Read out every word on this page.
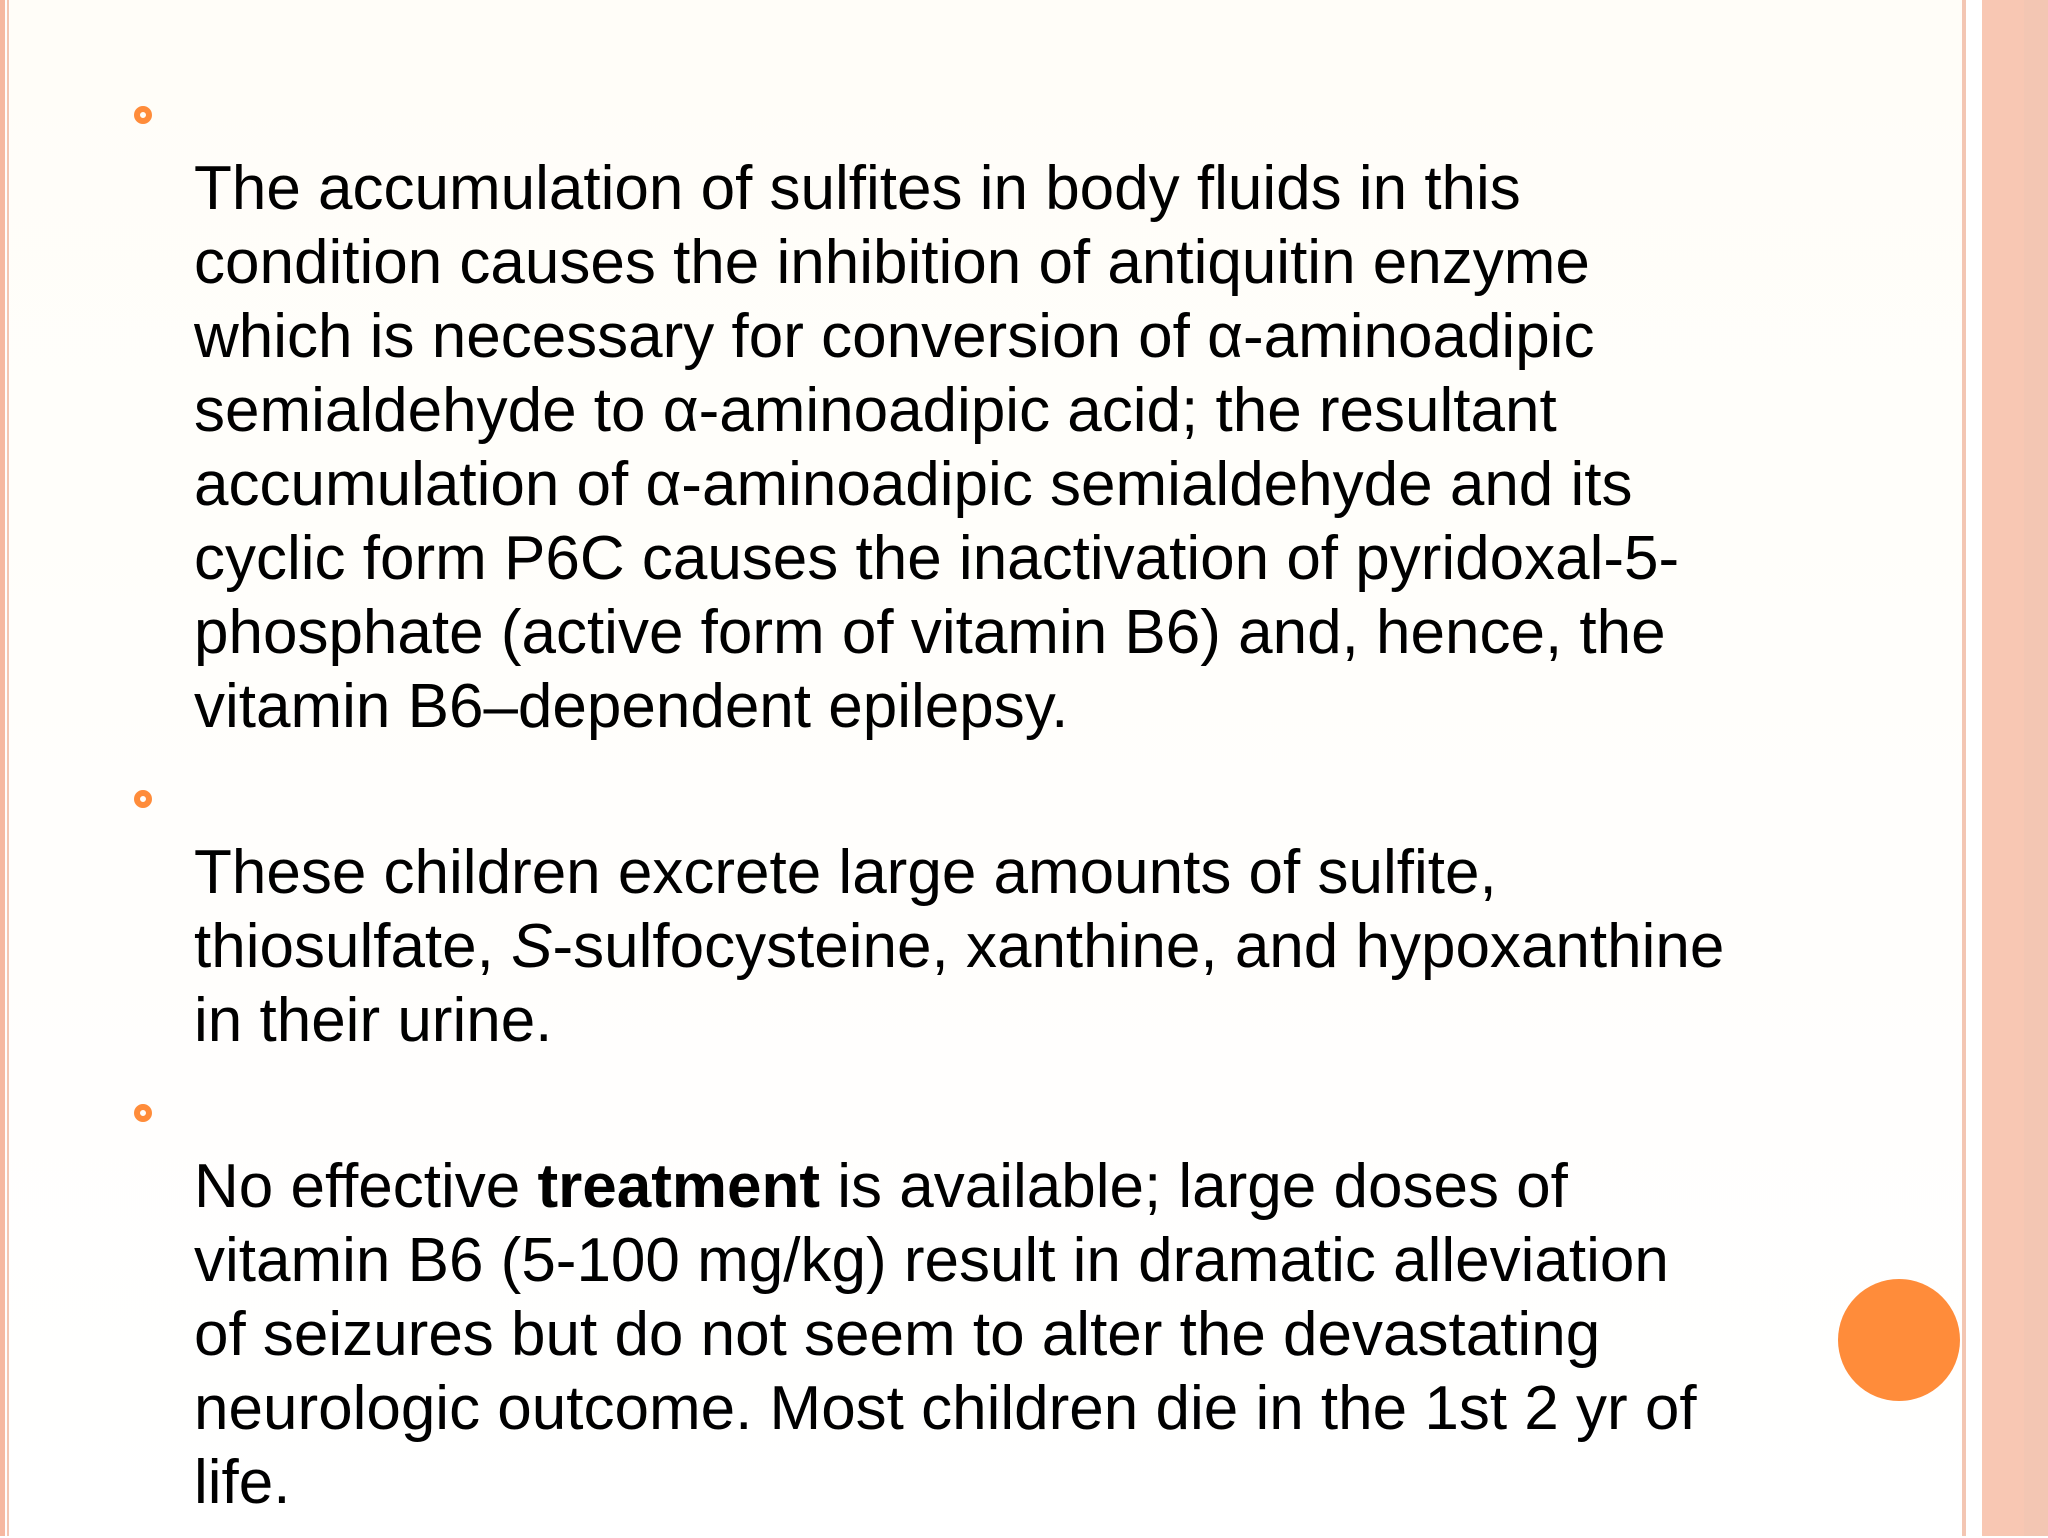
The accumulation of sulfites in body fluids in this condition causes the inhibition of antiquitin enzyme which is necessary for conversion of α-aminoadipic semialdehyde to α-aminoadipic acid; the resultant accumulation of α-aminoadipic semialdehyde and its cyclic form P6C causes the inactivation of pyridoxal-5-phosphate (active form of vitamin B6) and, hence, the vitamin B6–dependent epilepsy.

These children excrete large amounts of sulfite, thiosulfate, S-sulfocysteine, xanthine, and hypoxanthine in their urine.

No effective treatment is available; large doses of vitamin B6 (5-100 mg/kg) result in dramatic alleviation of seizures but do not seem to alter the devastating neurologic outcome. Most children die in the 1st 2 yr of life.
